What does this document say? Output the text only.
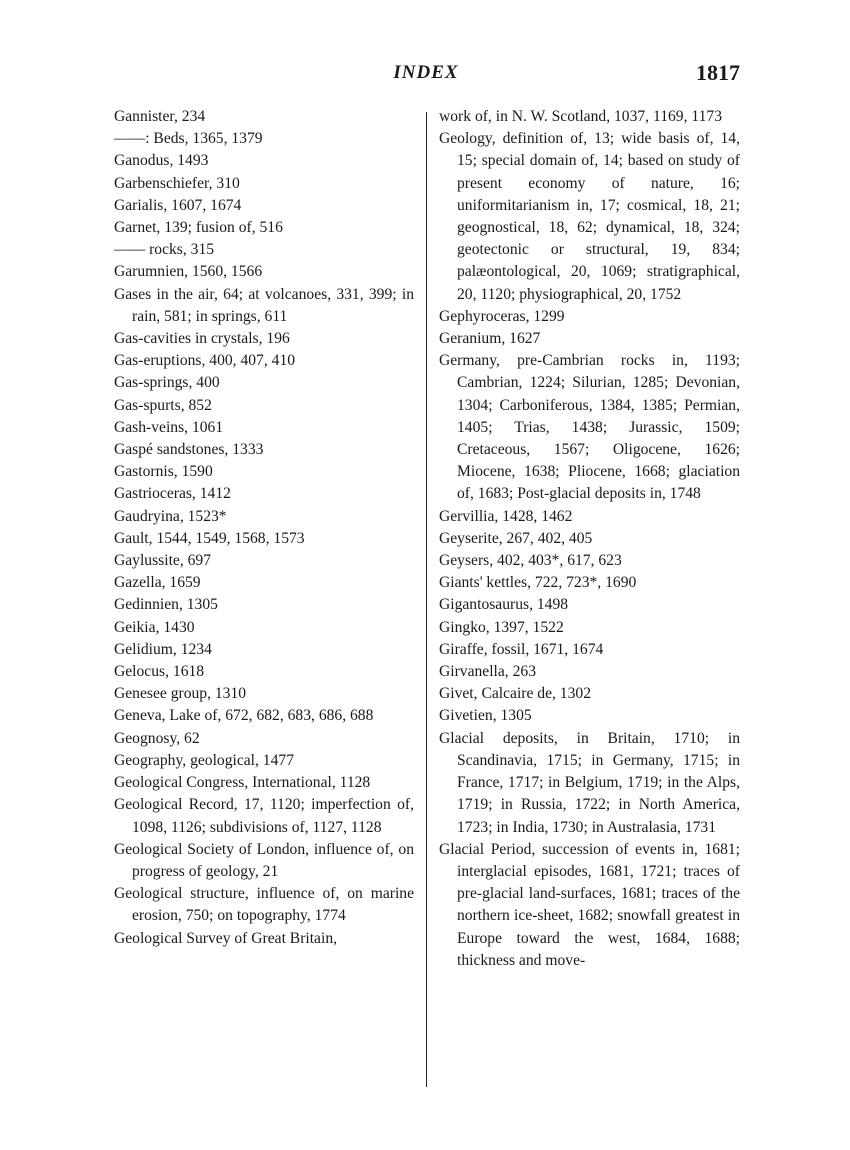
INDEX	1817
Gannister, 234
——: Beds, 1365, 1379
Ganodus, 1493
Garbenschiefer, 310
Garialis, 1607, 1674
Garnet, 139; fusion of, 516
—— rocks, 315
Garumnien, 1560, 1566
Gases in the air, 64; at volcanoes, 331, 399; in rain, 581; in springs, 611
Gas-cavities in crystals, 196
Gas-eruptions, 400, 407, 410
Gas-springs, 400
Gas-spurts, 852
Gash-veins, 1061
Gaspé sandstones, 1333
Gastornis, 1590
Gastrioceras, 1412
Gaudryina, 1523*
Gault, 1544, 1549, 1568, 1573
Gaylussite, 697
Gazella, 1659
Gedinnien, 1305
Geikia, 1430
Gelidium, 1234
Gelocus, 1618
Genesee group, 1310
Geneva, Lake of, 672, 682, 683, 686, 688
Geognosy, 62
Geography, geological, 1477
Geological Congress, International, 1128
Geological Record, 17, 1120; imperfection of, 1098, 1126; subdivisions of, 1127, 1128
Geological Society of London, influence of, on progress of geology, 21
Geological structure, influence of, on marine erosion, 750; on topography, 1774
Geological Survey of Great Britain,
work of, in N. W. Scotland, 1037, 1169, 1173
Geology, definition of, 13; wide basis of, 14, 15; special domain of, 14; based on study of present economy of nature, 16; uniformitarianism in, 17; cosmical, 18, 21; geognostical, 18, 62; dynamical, 18, 324; geotectonic or structural, 19, 834; palæontological, 20, 1069; stratigraphical, 20, 1120; physiographical, 20, 1752
Gephyroceras, 1299
Geranium, 1627
Germany, pre-Cambrian rocks in, 1193; Cambrian, 1224; Silurian, 1285; Devonian, 1304; Carboniferous, 1384, 1385; Permian, 1405; Trias, 1438; Jurassic, 1509; Cretaceous, 1567; Oligocene, 1626; Miocene, 1638; Pliocene, 1668; glaciation of, 1683; Post-glacial deposits in, 1748
Gervillia, 1428, 1462
Geyserite, 267, 402, 405
Geysers, 402, 403*, 617, 623
Giants' kettles, 722, 723*, 1690
Gigantosaurus, 1498
Gingko, 1397, 1522
Giraffe, fossil, 1671, 1674
Girvanella, 263
Givet, Calcaire de, 1302
Givetien, 1305
Glacial deposits, in Britain, 1710; in Scandinavia, 1715; in Germany, 1715; in France, 1717; in Belgium, 1719; in the Alps, 1719; in Russia, 1722; in North America, 1723; in India, 1730; in Australasia, 1731
Glacial Period, succession of events in, 1681; interglacial episodes, 1681, 1721; traces of pre-glacial land-surfaces, 1681; traces of the northern ice-sheet, 1682; snowfall greatest in Europe toward the west, 1684, 1688; thickness and move-
